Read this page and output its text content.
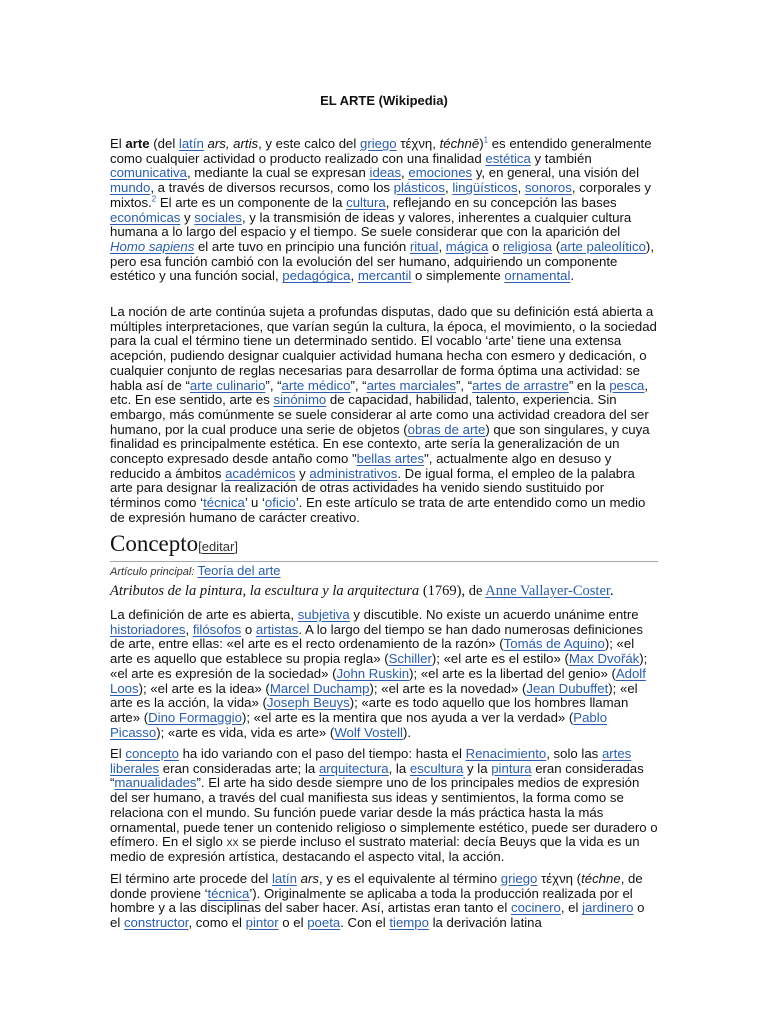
EL ARTE (Wikipedia)

El arte (del latín ars, artis, y este calco del griego τέχνη, téchnē)$^1$ es entendido generalmente como cualquier actividad o producto realizado con una finalidad estética y también comunicativa, mediante la cual se expresan ideas, emociones y, en general, una visión del mundo, a través de diversos recursos, como los plásticos, lingüísticos, sonoros, corporales y mixtos.$^2$ El arte es un componente de la cultura, reflejando en su concepción las bases económicas y sociales, y la transmisión de ideas y valores, inherentes a cualquier cultura humana a lo largo del espacio y el tiempo. Se suele considerar que con la aparición del Homo sapiens el arte tuvo en principio una función ritual, mágica o religiosa (arte paleolítico), pero esa función cambió con la evolución del ser humano, adquiriendo un componente estético y una función social, pedagógica, mercantil o simplemente ornamental.

La noción de arte continúa sujeta a profundas disputas, dado que su definición está abierta a múltiples interpretaciones, que varían según la cultura, la época, el movimiento, o la sociedad para la cual el término tiene un determinado sentido. El vocablo ‘arte’ tiene una extensa acepción, pudiendo designar cualquier actividad humana hecha con esmero y dedicación, o cualquier conjunto de reglas necesarias para desarrollar de forma óptima una actividad: se habla así de “arte culinario”, “arte médico”, “artes marciales”, “artes de arrastre” en la pesca, etc. En ese sentido, arte es sinónimo de capacidad, habilidad, talento, experiencia. Sin embargo, más comúnmente se suele considerar al arte como una actividad creadora del ser humano, por la cual produce una serie de objetos (obras de arte) que son singulares, y cuya finalidad es principalmente estética. En ese contexto, arte sería la generalización de un concepto expresado desde antaño como "bellas artes", actualmente algo en desuso y reducido a ámbitos académicos y administrativos. De igual forma, el empleo de la palabra arte para designar la realización de otras actividades ha venido siendo sustituido por términos como ‘técnica’ u ‘oficio’. En este artículo se trata de arte entendido como un medio de expresión humano de carácter creativo.

Concepto[editar]
Artículo principal: Teoría del arte
Atributos de la pintura, la escultura y la arquitectura (1769), de Anne Vallayer-Coster.

La definición de arte es abierta, subjetiva y discutible. No existe un acuerdo unánime entre historiadores, filósofos o artistas. A lo largo del tiempo se han dado numerosas definiciones de arte, entre ellas: «el arte es el recto ordenamiento de la razón» (Tomás de Aquino); «el arte es aquello que establece su propia regla» (Schiller); «el arte es el estilo» (Max Dvořák); «el arte es expresión de la sociedad» (John Ruskin); «el arte es la libertad del genio» (Adolf Loos); «el arte es la idea» (Marcel Duchamp); «el arte es la novedad» (Jean Dubuffet); «el arte es la acción, la vida» (Joseph Beuys); «arte es todo aquello que los hombres llaman arte» (Dino Formaggio); «el arte es la mentira que nos ayuda a ver la verdad» (Pablo Picasso); «arte es vida, vida es arte» (Wolf Vostell).

El concepto ha ido variando con el paso del tiempo: hasta el Renacimiento, solo las artes liberales eran consideradas arte; la arquitectura, la escultura y la pintura eran consideradas “manualidades”. El arte ha sido desde siempre uno de los principales medios de expresión del ser humano, a través del cual manifiesta sus ideas y sentimientos, la forma como se relaciona con el mundo. Su función puede variar desde la más práctica hasta la más ornamental, puede tener un contenido religioso o simplemente estético, puede ser duradero o efímero. En el siglo xx se pierde incluso el sustrato material: decía Beuys que la vida es un medio de expresión artística, destacando el aspecto vital, la acción.

El término arte procede del latín ars, y es el equivalente al término griego τέχνη (téchne, de donde proviene ‘técnica’). Originalmente se aplicaba a toda la producción realizada por el hombre y a las disciplinas del saber hacer. Así, artistas eran tanto el cocinero, el jardinero o el constructor, como el pintor o el poeta. Con el tiempo la derivación latina
